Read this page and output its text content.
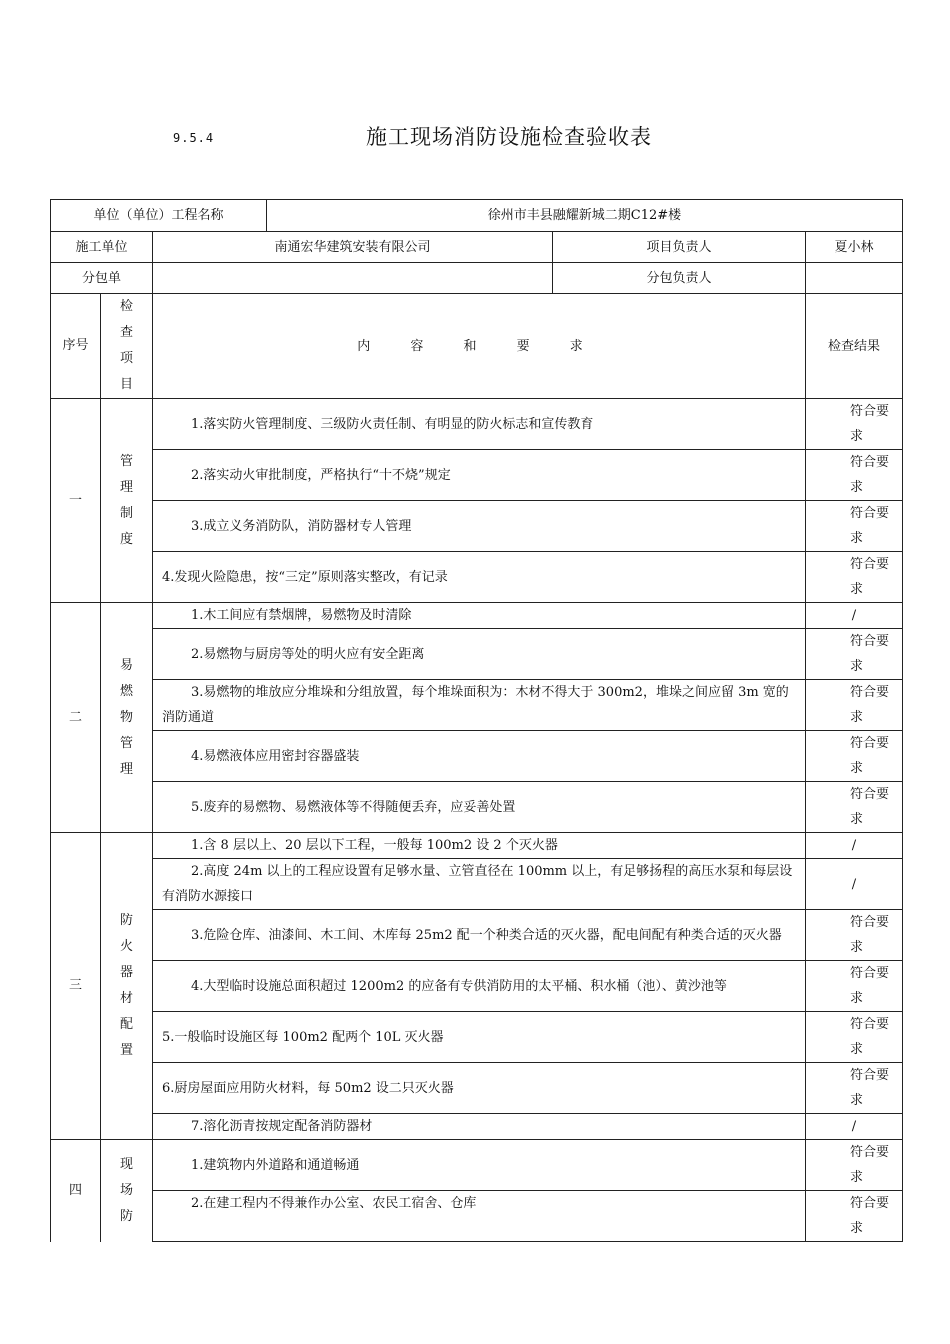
9.5.4	施工现场消防设施检查验收表
单位（单位）工程名称			徐州市丰县融耀新城二期C12#楼		
施工单位		南通宏华建筑安装有限公司		项目负责人	夏小林
分包单				分包负责人	
序号	检查项目	内 容 和 要 求			检查结果
一	管理制度	1.落实防火管理制度、三级防火责任制、有明显的防火标志和宣传教育			符合要求
		2.落实动火审批制度，严格执行“十不烧”规定			符合要求
		3.成立义务消防队，消防器材专人管理			符合要求
		4.发现火险隐患，按“三定”原则落实整改，有记录			符合要求
二	易燃物管理	1.木工间应有禁烟牌，易燃物及时清除			/
		2.易燃物与厨房等处的明火应有安全距离			符合要求
		3.易燃物的堆放应分堆垛和分组放置，每个堆垛面积为：木材不得大于 300m2，堆垛之间应留 3m 宽的消防通道			符合要求
		4.易燃液体应用密封容器盛装			符合要求
		5.废弃的易燃物、易燃液体等不得随便丢弃，应妥善处置			符合要求
三	防火器材配置	1.含 8 层以上、20 层以下工程，一般每 100m2 设 2 个灭火器			/
		2.高度 24m 以上的工程应设置有足够水量、立管直径在 100mm 以上，有足够扬程的高压水泵和每层设有消防水源接口			/
		3.危险仓库、油漆间、木工间、木库每 25m2 配一个种类合适的灭火器，配电间配有种类合适的灭火器			符合要求
		4.大型临时设施总面积超过 1200m2 的应备有专供消防用的太平桶、积水桶（池）、黄沙池等			符合要求
		5.一般临时设施区每 100m2 配两个 10L 灭火器			符合要求
		6.厨房屋面应用防火材料，每 50m2 设二只灭火器			符合要求
		7.溶化沥青按规定配备消防器材			/
四	现场防	1.建筑物内外道路和通道畅通			符合要求
		2.在建工程内不得兼作办公室、农民工宿舍、仓库			符合要求
